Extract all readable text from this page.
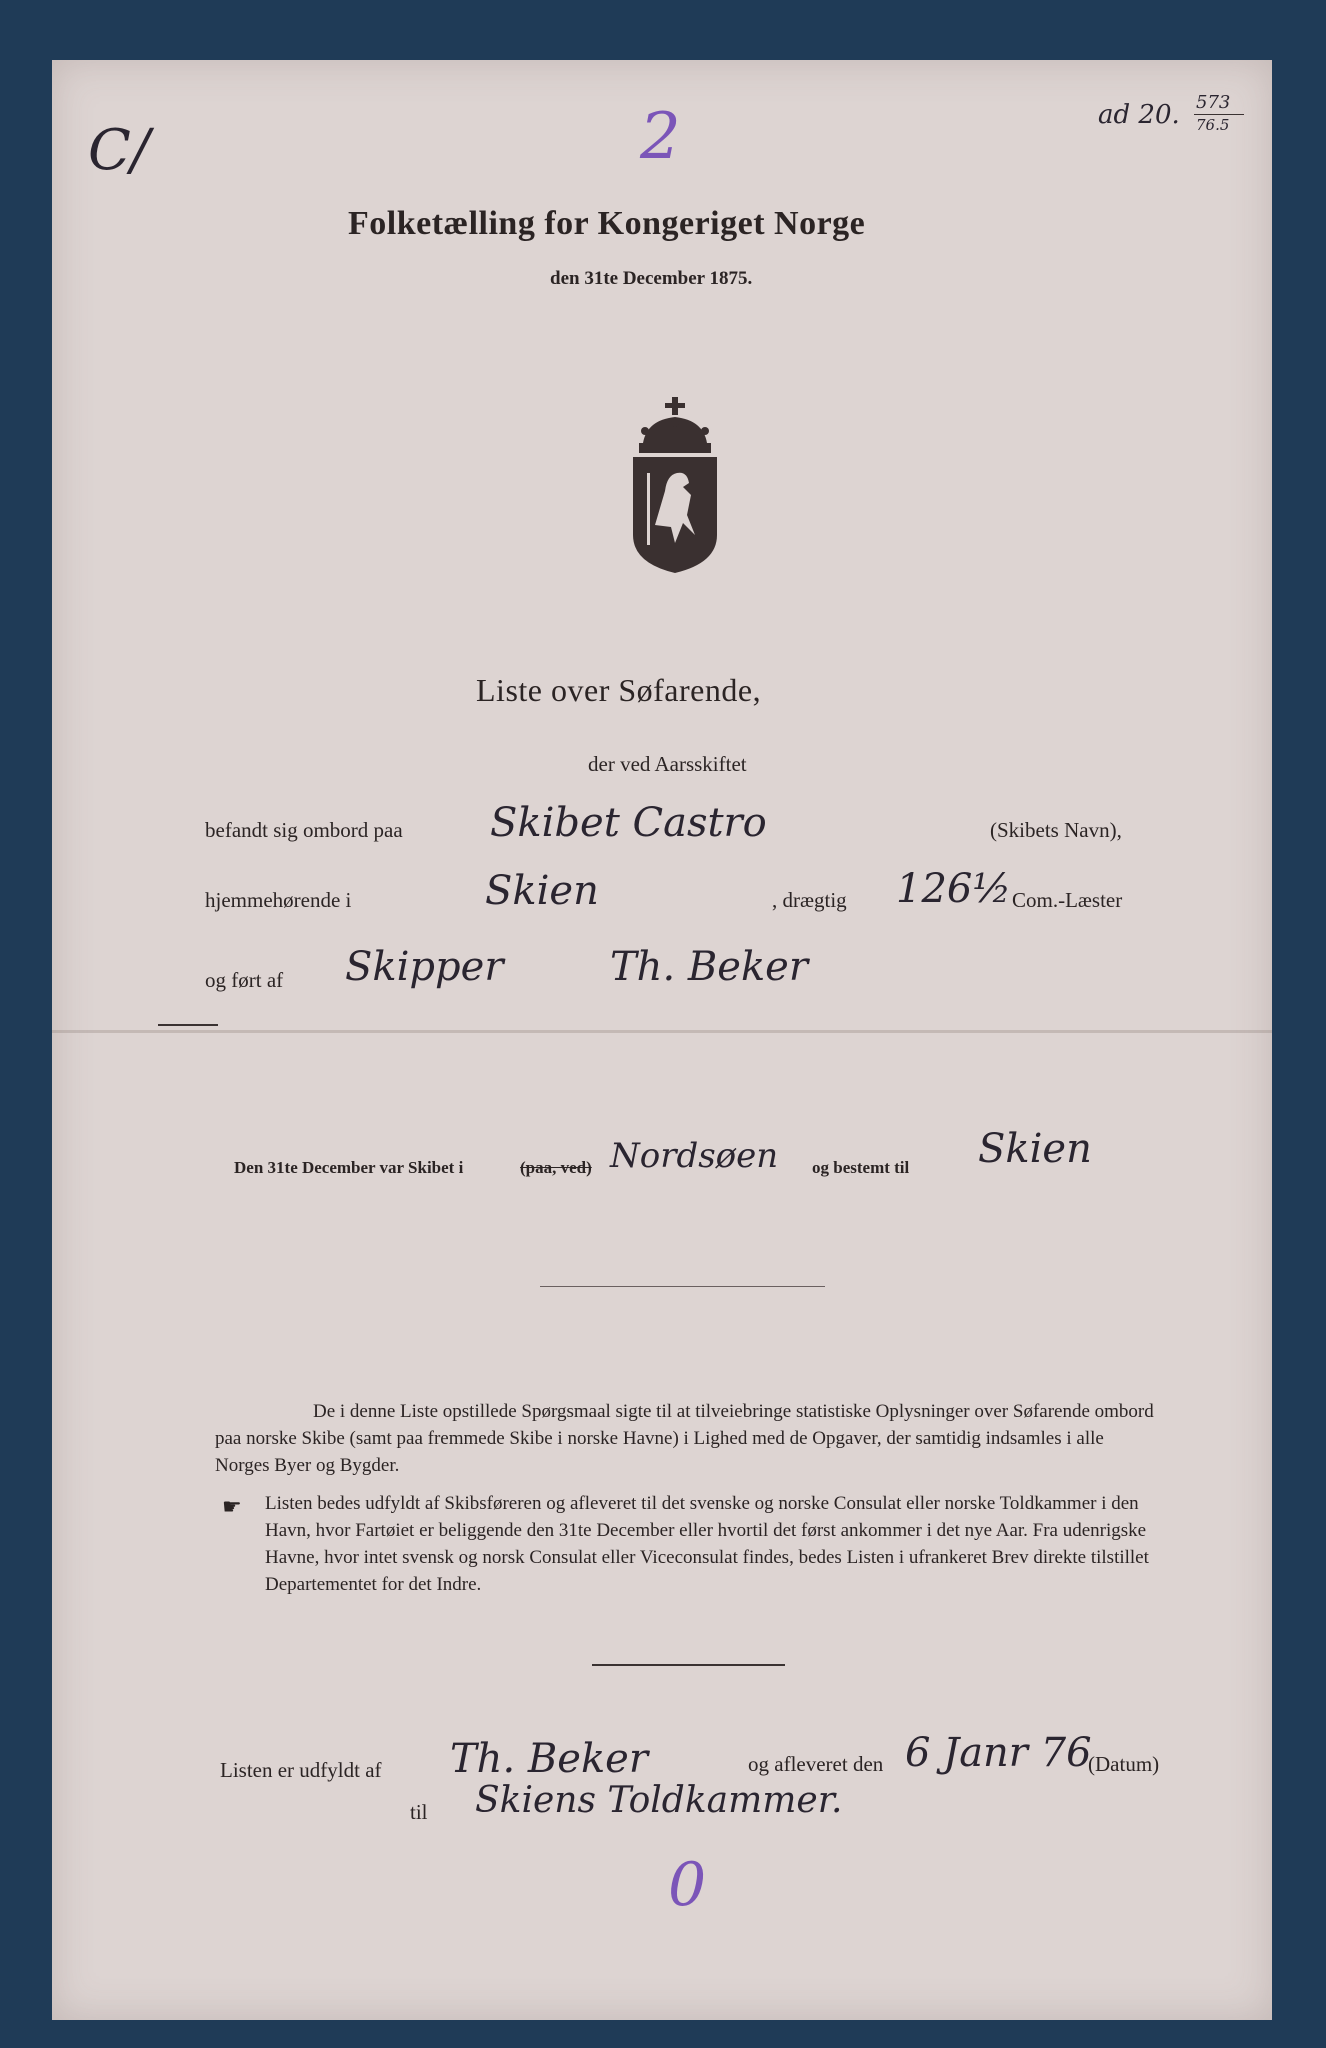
C/	2	ad 20. 573
76.5
Folketælling for Kongeriget Norge
den 31te December 1875.
Liste over Søfarende,
der ved Aarsskiftet
befandt sig ombord paa Skibet Castro	(Skibets Navn),
hjemmehørende i	Skien	, drægtig 126½ Com.-Læster
og ført af Skipper	Th. Beker
Den 31te December var Skibet i	(paa, ved) Nordsøen og bestemt til Skien
De i denne Liste opstillede Spørgsmaal sigte til at tilveiebringe statistiske Oplysninger over Søfarende ombord paa norske Skibe (samt paa fremmede Skibe i norske Havne) i Lighed med de Opgaver, der samtidig indsamles i alle Norges Byer og Bygder.
☛ Listen bedes udfyldt af Skibsføreren og afleveret til det svenske og norske Consulat eller norske Toldkammer i den Havn, hvor Fartøiet er beliggende den 31te December eller hvortil det først ankommer i det nye Aar. Fra udenrigske Havne, hvor intet svensk og norsk Consulat eller Viceconsulat findes, bedes Listen i ufrankeret Brev direkte tilstillet Departementet for det Indre.
Listen er udfyldt af Th. Beker	og afleveret den 6 Janr 76
(Datum)
til Skiens Toldkammer.
0
